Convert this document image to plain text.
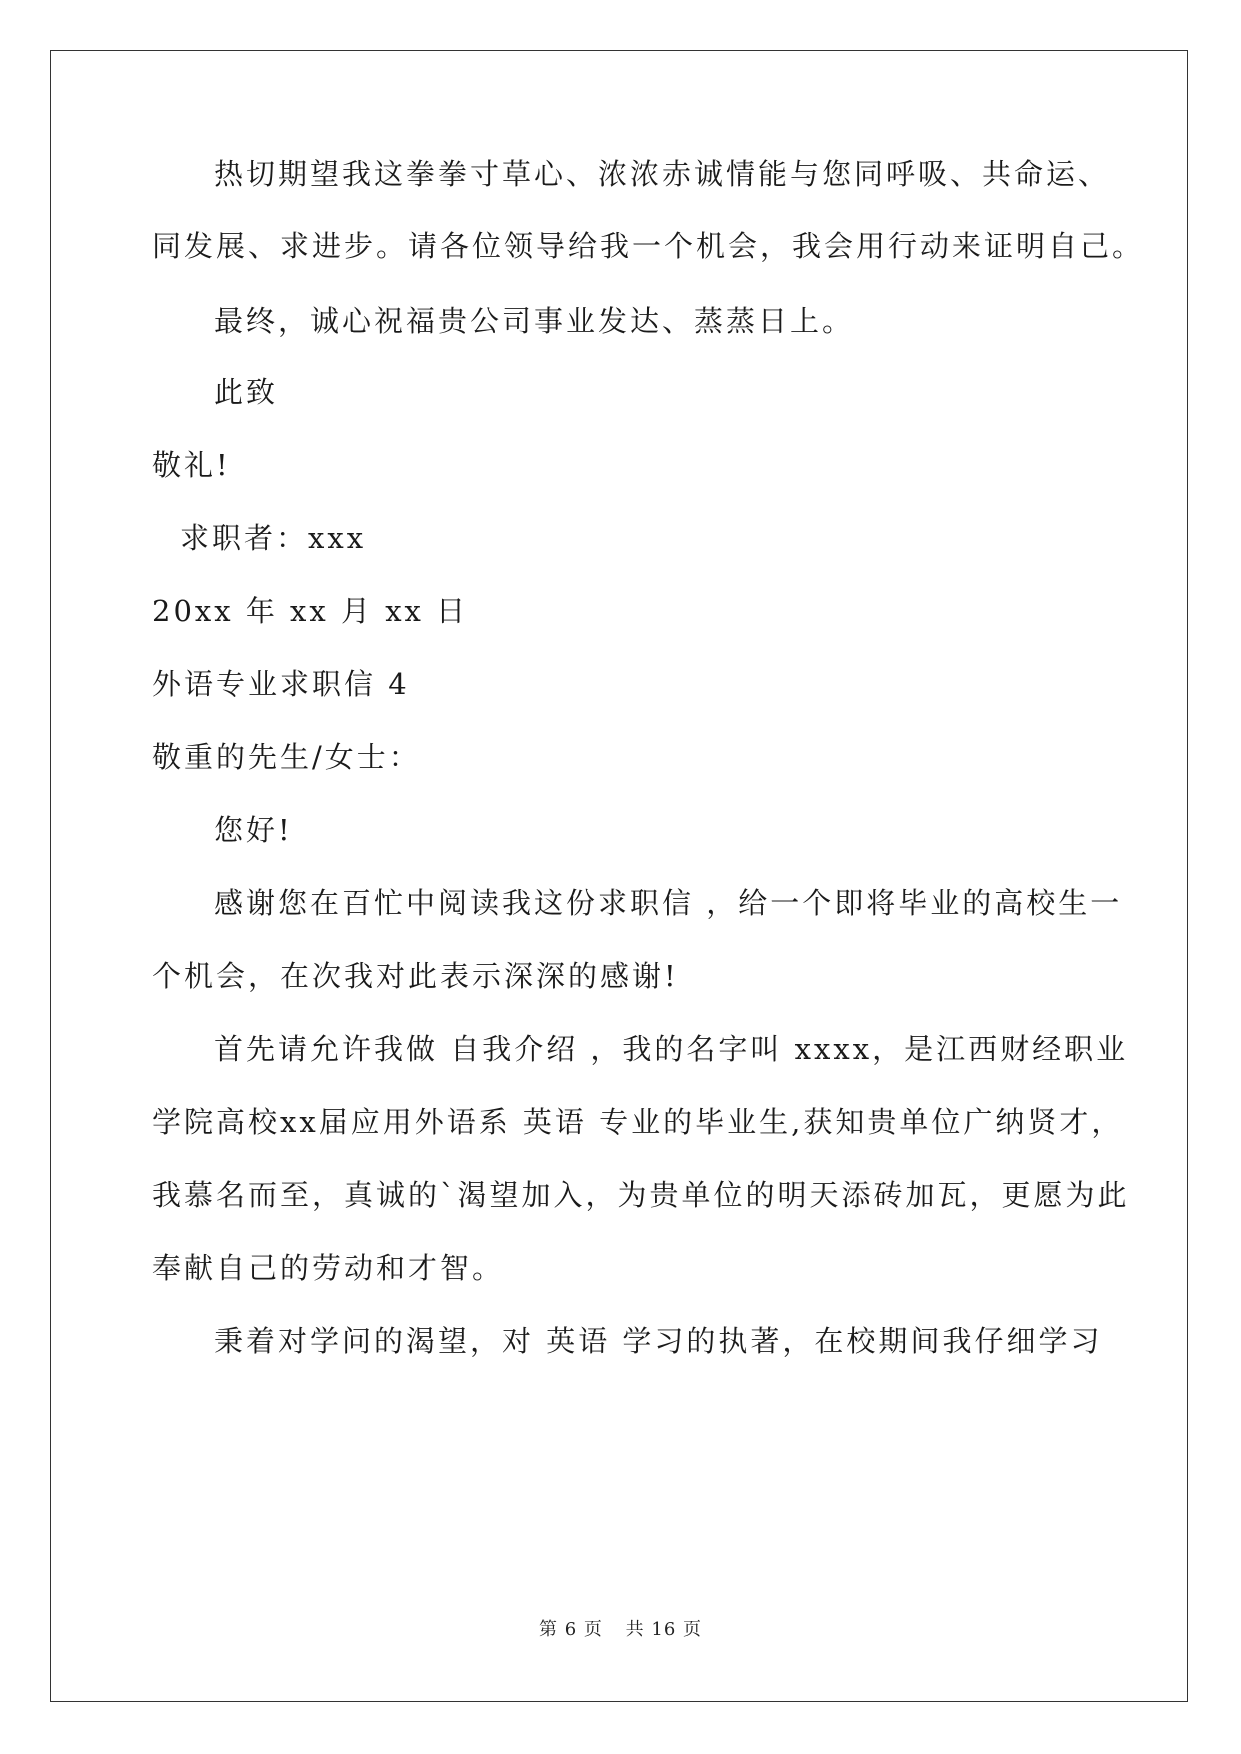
热切期望我这拳拳寸草心、浓浓赤诚情能与您同呼吸、共命运、
同发展、求进步。请各位领导给我一个机会，我会用行动来证明自己。
最终，诚心祝福贵公司事业发达、蒸蒸日上。
此致
敬礼!
求职者：xxx
20xx 年 xx 月 xx 日
外语专业求职信 4
敬重的先生/女士：
您好!
感谢您在百忙中阅读我这份求职信 ，给一个即将毕业的高校生一
个机会，在次我对此表示深深的感谢!
首先请允许我做 自我介绍 ，我的名字叫 xxxx，是江西财经职业
学院高校xx届应用外语系 英语 专业的毕业生,获知贵单位广纳贤才，
我慕名而至，真诚的`渴望加入，为贵单位的明天添砖加瓦，更愿为此
奉献自己的劳动和才智。
秉着对学问的渴望，对 英语 学习的执著，在校期间我仔细学习
第 6 页 共 16 页
